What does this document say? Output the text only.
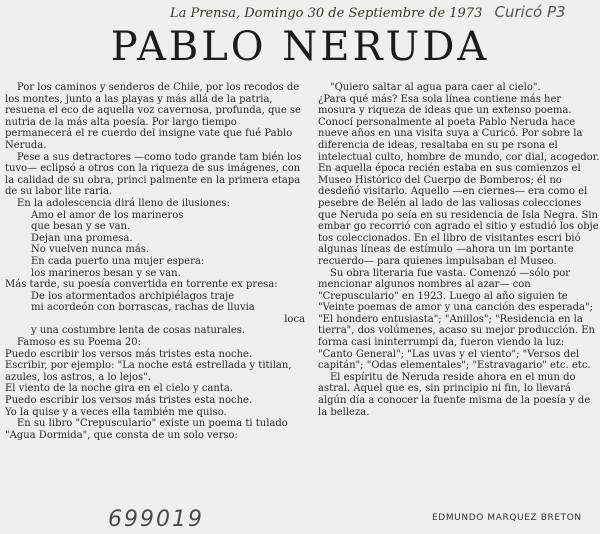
La Prensa, Domingo 30 de Septiembre de 1973 Curicó P3
PABLO NERUDA

Por los caminos y senderos de Chile, por los recodos de los montes, junto a las playas y más allá de la patria, resuena el eco de aquella voz cavernosa, profunda, que se nutria de la más alta poesía. Por largo tiempo permanecerá el re cuerdo del insigne vate que fué Pablo Neruda.

Pese a sus detractores —como todo grande tam bién los tuvo— eclipsó a otros con la riqueza de sus imágenes, con la calidad de su obra, princi palmente en la primera etapa de su labor lite raria.

En la adolescencia dirá lleno de ilusiones:

Amo el amor de los marineros

que besan y se van.

Dejan una promesa.

No vuelven nunca más.

En cada puerto una mujer espera:

los marineros besan y se van.

Más tarde, su poesía convertida en torrente ex presa:

De los atormentados archipiélagos traje

mi acordeón con borrascas, rachas de lluvia

loca

y una costumbre lenta de cosas naturales.

Famoso es su Poema 20:

Puedo escribir los versos más tristes esta noche.

Escribir, por ejemplo: "La noche está estrellada y titilan, azules, los astros, a lo lejos".

El viento de la noche gira en el cielo y canta.

Puedo escribir los versos más tristes esta noche.

Yo la quise y a veces ella también me quiso.

En su libro "Crepusculario" existe un poema ti tulado "Agua Dormida", que consta de un solo verso:

"Quiero saltar al agua para caer al cielo".

¿Para qué más? Esa sola línea contiene más her mosura y riqueza de ideas que un extenso poema.

Conocí personalmente al poeta Pablo Neruda hace nueve años en una visita suya a Curicó. Por sobre la diferencia de ideas, resaltaba en su pe rsona el intelectual culto, hombre de mundo, cor dial, acogedor. En aquella época recién estaba en sus comienzos el Museo Histórico del Cuerpo de Bomberos; él no desdeñó visitarlo. Aquello —en ciernes— era como el pesebre de Belén al lado de las valiosas colecciones que Neruda po seía en su residencia de Isla Negra. Sin embar go recorrió con agrado el sitio y estudió los obje tos coleccionados. En el libro de visitantes escri bió algunas líneas de estímulo —ahora un im portante recuerdo— para quienes impulsaban el Museo.

Su obra literaria fue vasta. Comenzó —sólo por mencionar algunos nombres al azar— con "Crepusculario" en 1923. Luego al año siguien te "Veinte poemas de amor y una canción des esperada"; "El hondero entusiasta"; "Anillos"; "Residencia en la tierra", dos volúmenes, acaso su mejor producción. En forma casi ininterrumpi da, fueron viendo la luz: "Canto General"; "Las uvas y el viento"; "Versos del capitán"; "Odas elementales"; "Estravagario" etc. etc.

El espíritu de Neruda reside ahora en el mun do astral. Aquel que es, sin principio ni fin, lo llevará algún día a conocer la fuente misma de la poesía y de la belleza.

699019	EDMUNDO MARQUEZ BRETON
